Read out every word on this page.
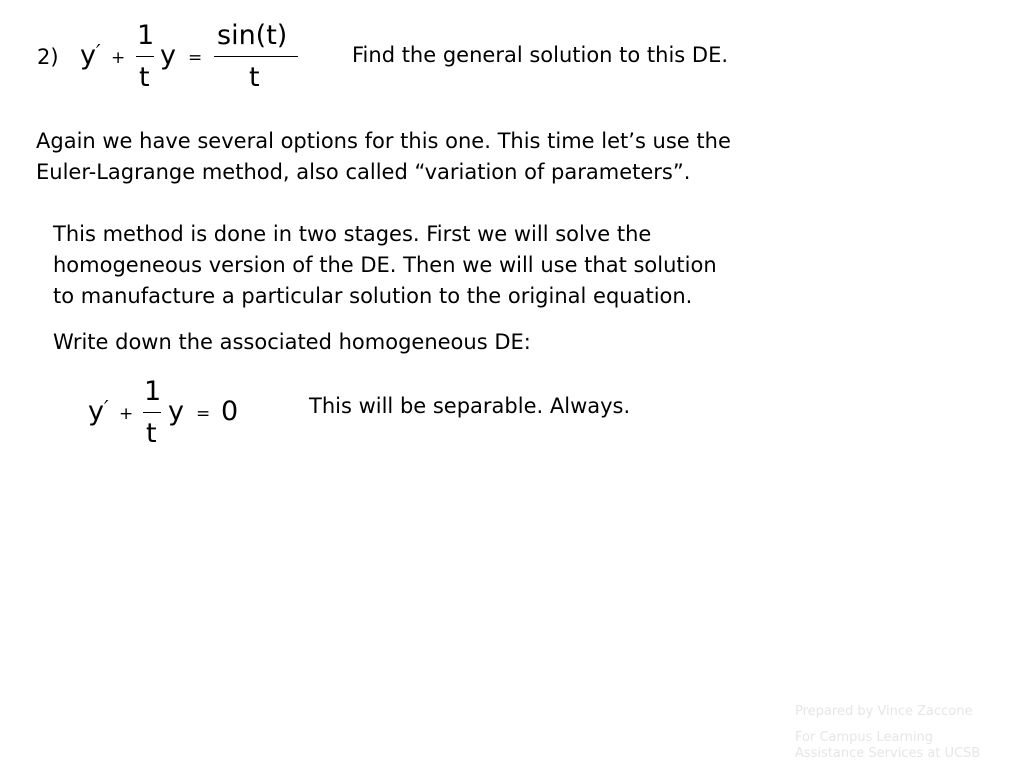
2) y ′ +
1
t
y =
sin(t)
t
Find the general solution to this DE.
Again we have several options for this one. This time let’s use the
Euler-Lagrange method, also called “variation of parameters”.
This method is done in two stages. First we will solve the
homogeneous version of the DE. Then we will use that solution
to manufacture a particular solution to the original equation.
Write down the associated homogeneous DE:
y ′ +
1
t
y = 0	This will be separable. Always.
Prepared by Vince Zaccone
For Campus Learning
Assistance Services at UCSB
